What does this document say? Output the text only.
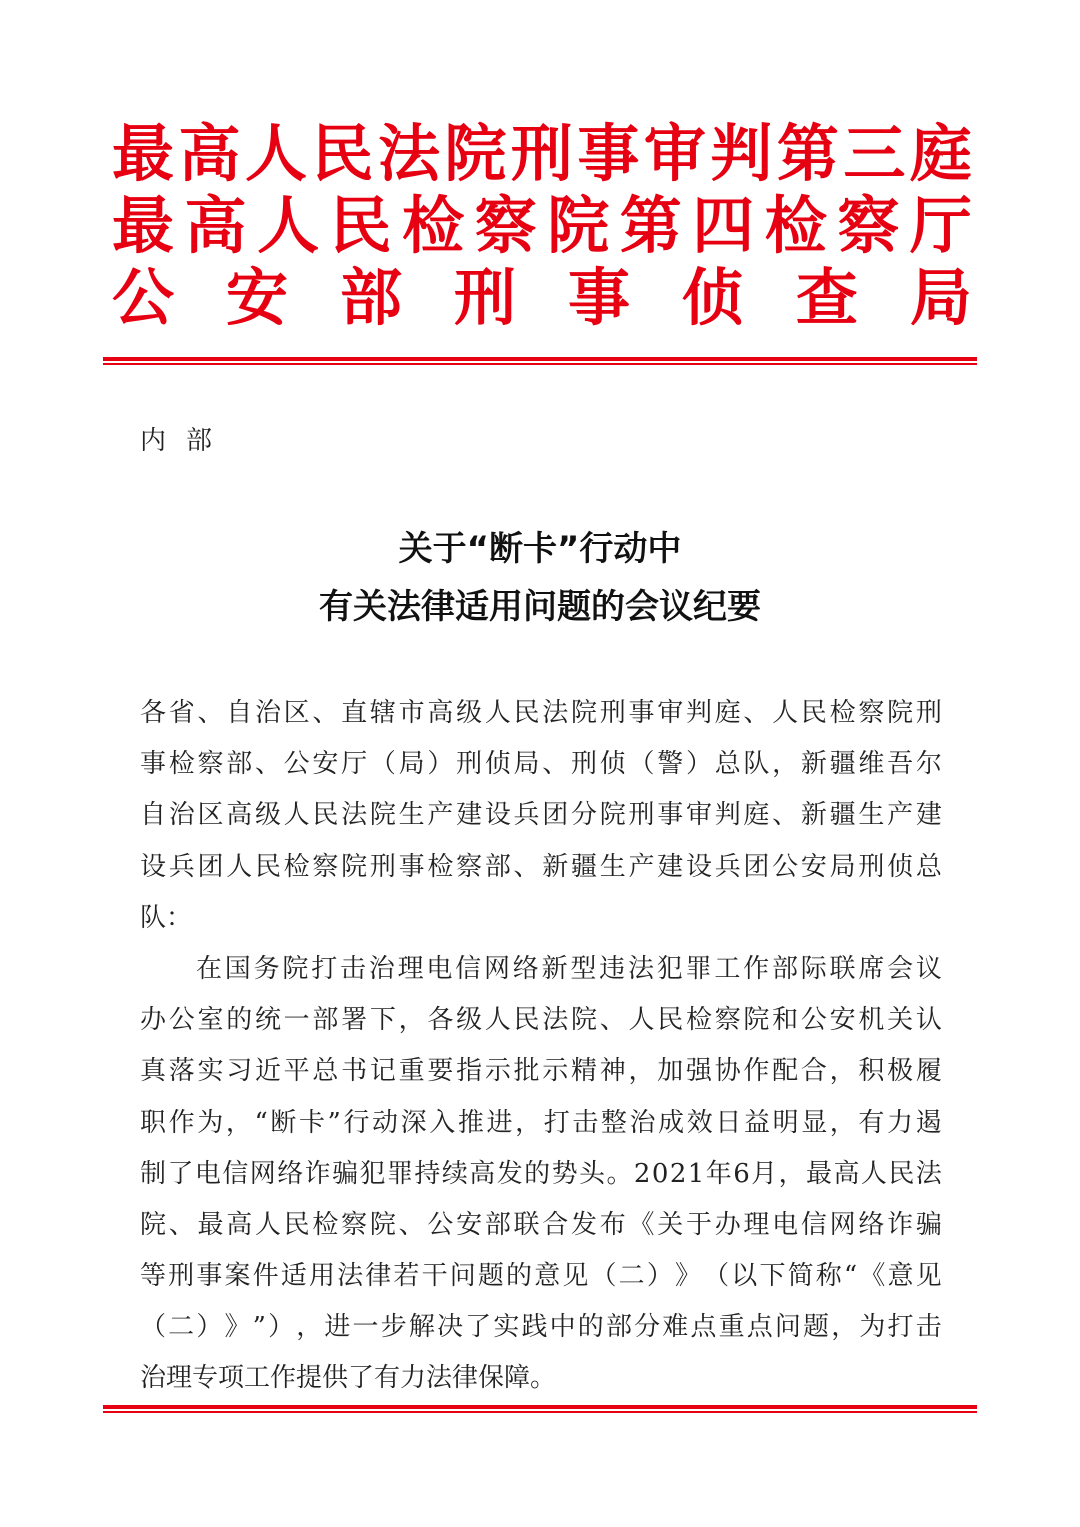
最 高 人 民 法 院 刑 事 审 判 第 三 庭
最 高 人 民 检 察 院 第 四 检 察 厅
公 安 部 刑 事 侦 查 局
内部
关于“断卡”行动中
有关法律适用问题的会议纪要
各 省 、 自 治 区 、 直 辖 市 高 级 人 民 法 院 刑 事 审 判 庭 、 人 民 检 察 院 刑
事 检 察 部 、 公 安 厅 （ 局 ） 刑 侦 局 、 刑 侦 （ 警 ） 总 队 ， 新 疆 维 吾 尔
自 治 区 高 级 人 民 法 院 生 产 建 设 兵 团 分 院 刑 事 审 判 庭 、 新 疆 生 产 建
设 兵 团 人 民 检 察 院 刑 事 检 察 部 、 新 疆 生 产 建 设 兵 团 公 安 局 刑 侦 总
队：
在 国 务 院 打 击 治 理 电 信 网 络 新 型 违 法 犯 罪 工 作 部 际 联 席 会 议
办 公 室 的 统 一 部 署 下 ， 各 级 人 民 法 院 、 人 民 检 察 院 和 公 安 机 关 认
真 落 实 习 近 平 总 书 记 重 要 指 示 批 示 精 神 ， 加 强 协 作 配 合 ， 积 极 履
职 作 为 ， “ 断 卡 ” 行 动 深 入 推 进 ， 打 击 整 治 成 效 日 益 明 显 ， 有 力 遏
制 了 电 信 网 络 诈 骗 犯 罪 持 续 高 发 的 势 头 。 2 0 2 1 年 6 月 ， 最 高 人 民 法
院 、 最 高 人 民 检 察 院 、 公 安 部 联 合 发 布 《 关 于 办 理 电 信 网 络 诈 骗
等 刑 事 案 件 适 用 法 律 若 干 问 题 的 意 见 （ 二 ） 》 （ 以 下 简 称 “ 《 意 见
（ 二 ） 》 ” ） ， 进 一 步 解 决 了 实 践 中 的 部 分 难 点 重 点 问 题 ， 为 打 击
治理专项工作提供了有力法律保障。
